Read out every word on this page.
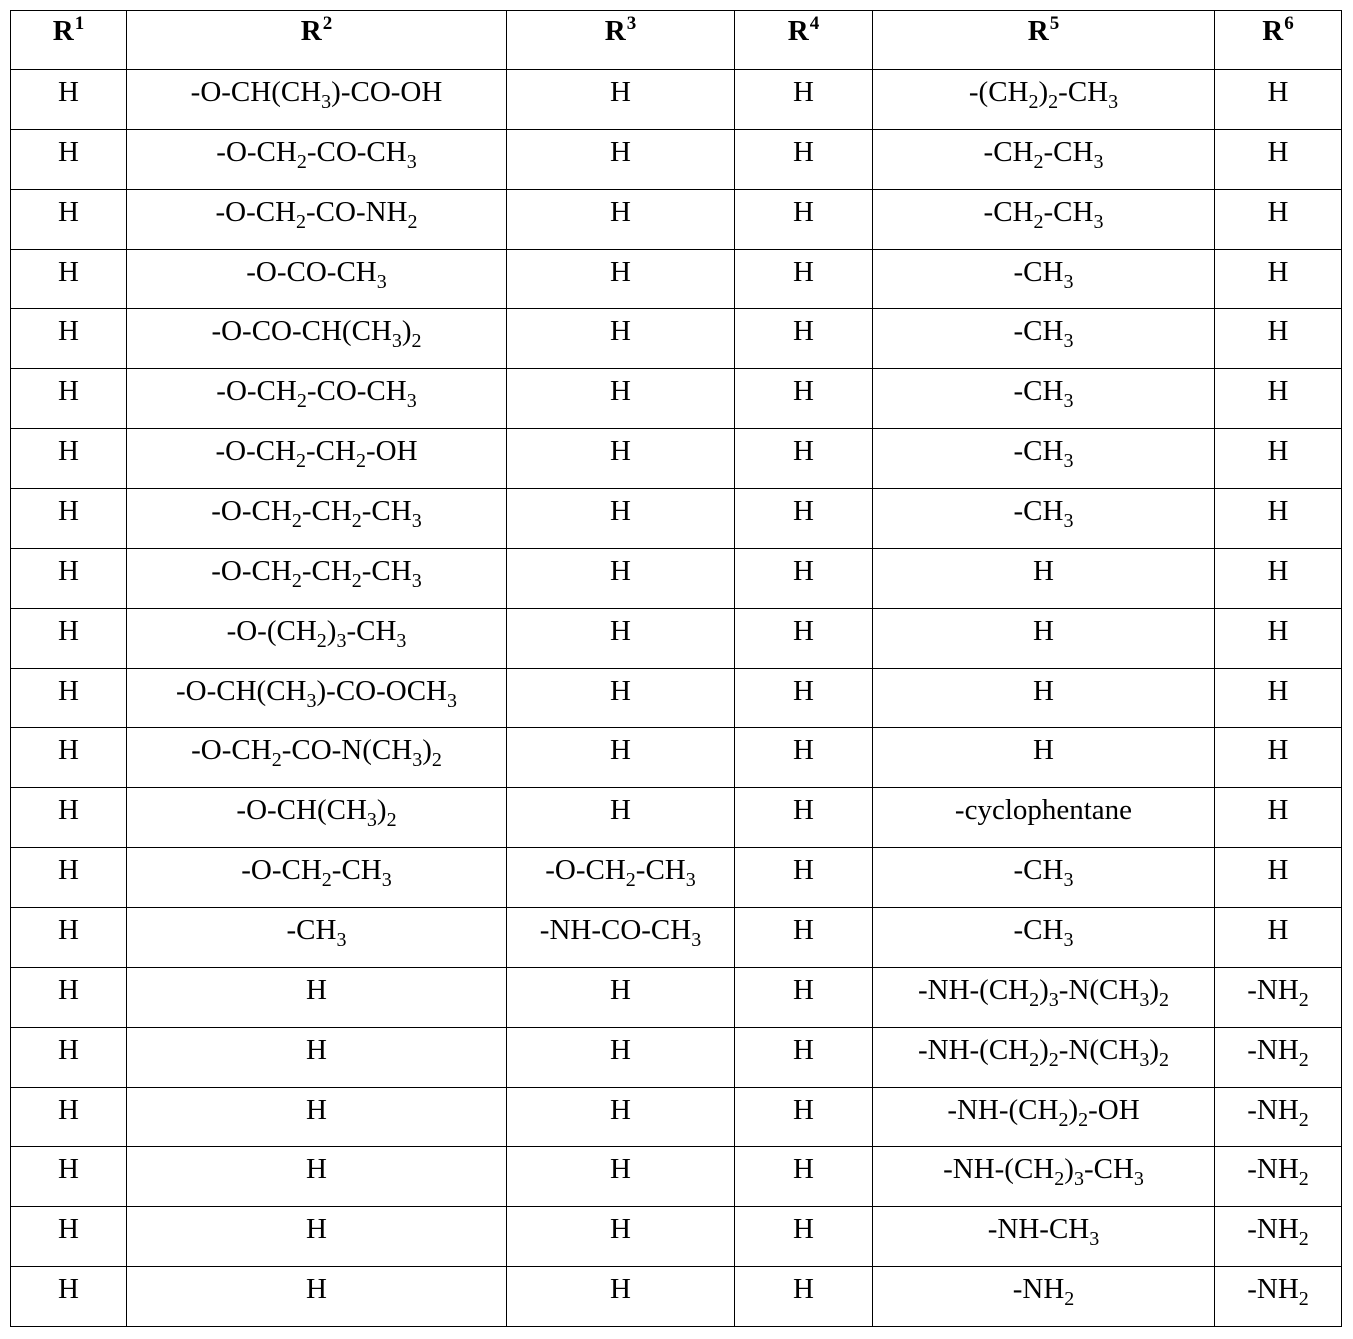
$R^1$	$R^2$	$R^3$	$R^4$	$R^5$	$R^6$
H	$-O-CH(CH_3)-CO-OH$	H	H	$-(CH_2)_2-CH_3$	H
H	$-O-CH_2-CO-CH_3$	H	H	$-CH_2-CH_3$	H
H	$-O-CH_2-CO-NH_2$	H	H	$-CH_2-CH_3$	H
H	$-O-CO-CH_3$	H	H	$-CH_3$	H
H	$-O-CO-CH(CH_3)_2$	H	H	$-CH_3$	H
H	$-O-CH_2-CO-CH_3$	H	H	$-CH_3$	H
H	$-O-CH_2-CH_2-OH$	H	H	$-CH_3$	H
H	$-O-CH_2-CH_2-CH_3$	H	H	$-CH_3$	H
H	$-O-CH_2-CH_2-CH_3$	H	H	H	H
H	$-O-(CH_2)_3-CH_3$	H	H	H	H
H	$-O-CH(CH_3)-CO-OCH_3$	H	H	H	H
H	$-O-CH_2-CO-N(CH_3)_2$	H	H	H	H
H	$-O-CH(CH_3)_2$	H	H	-cyclophentane	H
H	$-O-CH_2-CH_3$	$-O-CH_2-CH_3$	H	$-CH_3$	H
H	$-CH_3$	$-NH-CO-CH_3$	H	$-CH_3$	H
H	H	H	H	$-NH-(CH_2)_3-N(CH_3)_2$	$-NH_2$
H	H	H	H	$-NH-(CH_2)_2-N(CH_3)_2$	$-NH_2$
H	H	H	H	$-NH-(CH_2)_2-OH$	$-NH_2$
H	H	H	H	$-NH-(CH_2)_3-CH_3$	$-NH_2$
H	H	H	H	$-NH-CH_3$	$-NH_2$
H	H	H	H	$-NH_2$	$-NH_2$
